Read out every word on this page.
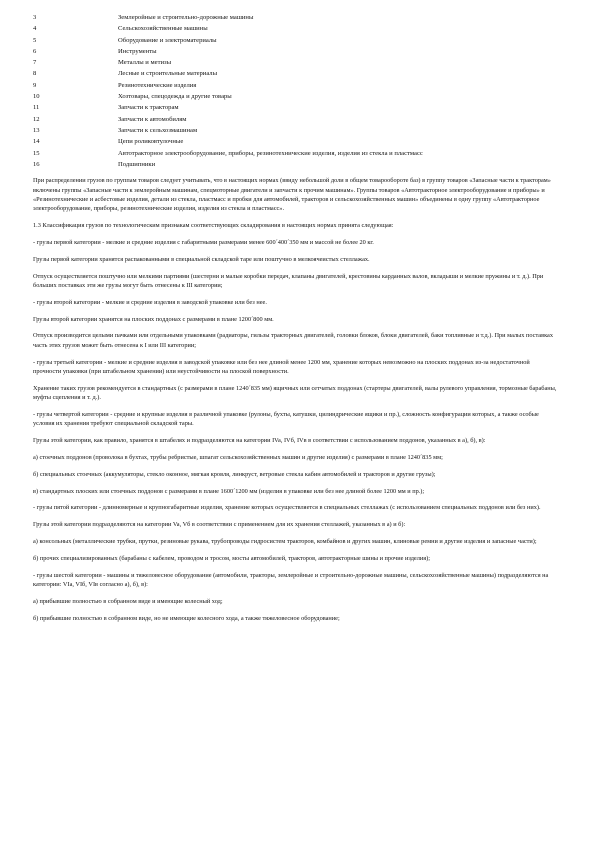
3	Землеройные и строительно-дорожные машины
4	Сельскохозяйственные машины
5	Оборудование и электроматериалы
6	Инструменты
7	Металлы и метизы
8	Лесные и строительные материалы
9	Резинотехнические изделия
10	Хозтовары, спецодежда и другие товары
11	Запчасти к тракторам
12	Запчасти к автомобилям
13	Запчасти к сельхозмашинам
14	Цепи роликовтулочные
15	Автотракторное электрооборудование, приборы, резинотехнические изделия, изделия из стекла и пластмасс
16	Подшипники

При распределении грузов по группам товаров следует учитывать, что в настоящих нормах (ввиду небольшой доли в общем товарообороте баз) в группу товаров «Запасные части к тракторам» включены группы «Запасные части к землеройным машинам, спецмоторные двигатели и запчасти к прочим машинам». Группы товаров «Автотракторное электрооборудование и приборы» и «Резинотехнические и асбестовые изделия, детали из стекла, пластмасс и пробки для автомобилей, тракторов и сельскохозяйственных машин» объединены в одну группу «Автотракторное электрооборудование, приборы, резинотехнические изделия, изделия из стекла и пластмасс».

1.3 Классификация грузов по технологическим признакам соответствующих складирования в настоящих нормах принята следующая:

- грузы первой категории - мелкие и средние изделия с габаритными размерами менее 600´400´350 мм и массой не более 20 кг.

Грузы первой категории хранятся распакованными в специальной складской таре или поштучно в мелкоячеистых стеллажах.

Отпуск осуществляется поштучно или мелкими партиями (шестерни и малые коробки передач, клапаны двигателей, крестовины карданных валов, вкладыши и мелкие пружины и т. д.). При больших поставках эти же грузы могут быть отнесены к III категории;

- грузы второй категории - мелкие и средние изделия в заводской упаковке или без нее.

Грузы второй категории хранятся на плоских поддонах с размерами в плане 1200´800 мм.

Отпуск производится целыми пачками или отдельными упаковками (радиаторы, гильзы тракторных двигателей, головки блоков, блоки двигателей, баки топливные и т.д.). При малых поставках часть этих грузов может быть отнесена к I или III категории;

- грузы третьей категории - мелкие и средние изделия в заводской упаковке или без нее длиной менее 1200 мм, хранение которых невозможно на плоских поддонах из-за недостаточной прочности упаковки (при штабельном хранении) или неустойчивости на плоской поверхности.

Хранение таких грузов рекомендуется в стандартных (с размерами в плане 1240´835 мм) ящичных или сетчатых поддонах (стартеры двигателей, валы рулевого управления, тормозные барабаны, муфты сцепления и т. д.).

- грузы четвертой категории - средние и крупные изделия в различной упаковке (рулоны, бухты, катушки, цилиндрические ящики и пр.), сложность конфигурации которых, а также особые условия их хранения требуют специальной складской тары.

Грузы этой категории, как правило, хранятся в штабелях и подразделяются на категории IVa, IVб, IVв в соответствии с использованием поддонов, указанных в а), б), в):

а) стоечных поддонов (проволока в бухтах, трубы ребристые, шпагат сельскохозяйственных машин и другие изделия) с размерами в плане 1240´835 мм;

б) специальных стоечных (аккумуляторы, стекло оконное, мягкая кровля, линкруст, ветровые стекла кабин автомобилей и тракторов и другие грузы);

в) стандартных плоских или стоечных поддонов с размерами в плане 1600´1200 мм (изделия в упаковке или без нее длиной более 1200 мм и пр.);

- грузы пятой категории - длинномерные и крупногабаритные изделия, хранение которых осуществляется в специальных стеллажах (с использованием специальных поддонов или без них).

Грузы этой категории подразделяются на категории Va, Vб в соответствии с применением для их хранения стеллажей, указанных в а) и б):

а) консольных (металлические трубки, прутки, резиновые рукава, трубопроводы гидросистем тракторов, комбайнов и других машин, клиновые ремни и другие изделия и запасные части);

б) прочих специализированных (барабаны с кабелем, проводом и тросом, мосты автомобилей, тракторов, автотракторные шины и прочие изделия);

- грузы шестой категории - машины и тяжеловесное оборудование (автомобили, тракторы, землеройные и строительно-дорожные машины, сельскохозяйственные машины) подразделяются на категории: VIa, VIб, VIв согласно а), б), в):

а) прибывшие полностью в собранном виде и имеющие колесный ход;

б) прибывшие полностью в собранном виде, но не имеющие колесного хода, а также тяжеловесное оборудование;
